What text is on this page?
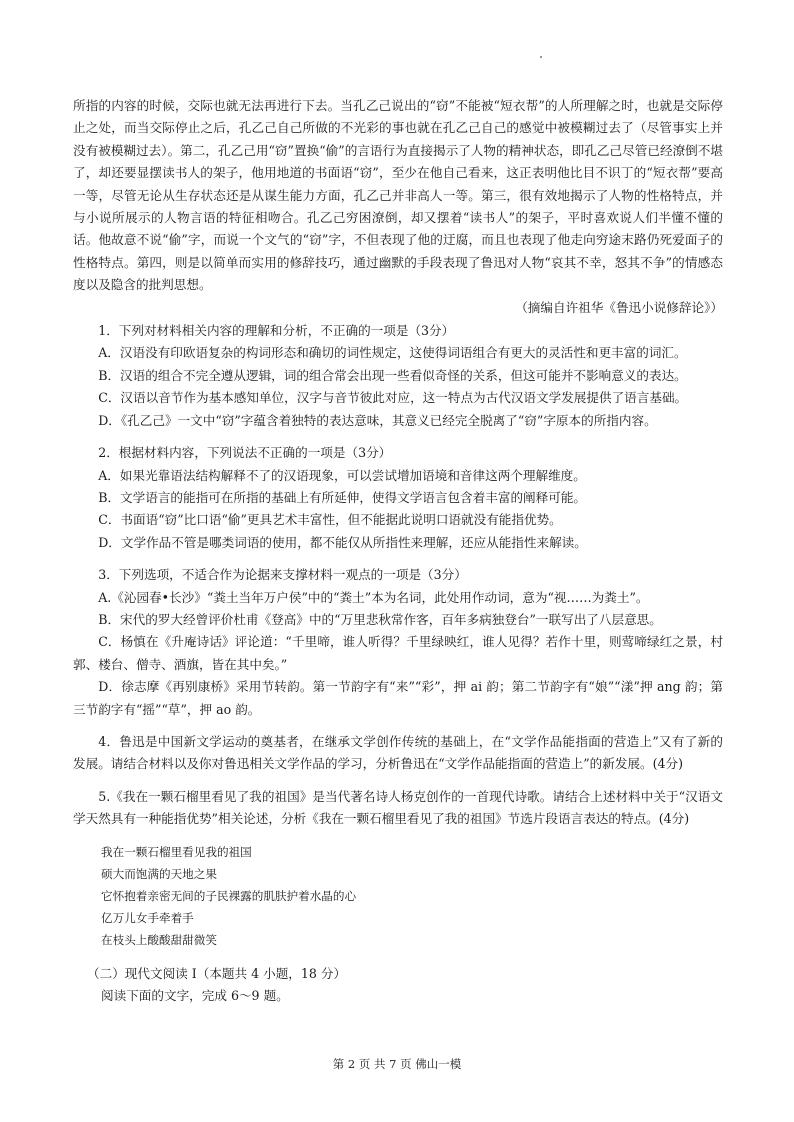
所指的内容的时候，交际也就无法再进行下去。当孔乙己说出的“窃”不能被“短衣帮”的人所理解之时，也就是交际停止之处，而当交际停止之后，孔乙己自己所做的不光彩的事也就在孔乙己自己的感觉中被模糊过去了（尽管事实上并没有被模糊过去）。第二，孔乙己用“窃”置换“偷”的言语行为直接揭示了人物的精神状态，即孔乙己尽管已经潦倒不堪了，却还要显摆读书人的架子，他用地道的书面语“窃”，至少在他自己看来，这正表明他比目不识丁的“短衣帮”要高一等，尽管无论从生存状态还是从谋生能力方面，孔乙己并非高人一等。第三，很有效地揭示了人物的性格特点，并与小说所展示的人物言语的特征相吻合。孔乙己穷困潦倒，却又摆着“读书人”的架子，平时喜欢说人们半懂不懂的话。他故意不说“偷”字，而说一个文气的“窃”字，不但表现了他的迂腐，而且也表现了他走向穷途末路仍死爱面子的性格特点。第四，则是以简单而实用的修辞技巧，通过幽默的手段表现了鲁迅对人物“哀其不幸，怒其不争”的情感态度以及隐含的批判思想。

（摘编自许祖华《鲁迅小说修辞论》）

1．下列对材料相关内容的理解和分析，不正确的一项是（3分）

A．汉语没有印欧语复杂的构词形态和确切的词性规定，这使得词语组合有更大的灵活性和更丰富的词汇。

B．汉语的组合不完全遵从逻辑，词的组合常会出现一些看似奇怪的关系，但这可能并不影响意义的表达。

C．汉语以音节作为基本感知单位，汉字与音节彼此对应，这一特点为古代汉语文学发展提供了语言基础。

D．《孔乙己》一文中“窃”字蕴含着独特的表达意味，其意义已经完全脱离了“窃”字原本的所指内容。

2．根据材料内容，下列说法不正确的一项是（3分）

A．如果光靠语法结构解释不了的汉语现象，可以尝试增加语境和音律这两个理解维度。

B．文学语言的能指可在所指的基础上有所延伸，使得文学语言包含着丰富的阐释可能。

C．书面语“窃”比口语“偷”更具艺术丰富性，但不能据此说明口语就没有能指优势。

D．文学作品不管是哪类词语的使用，都不能仅从所指性来理解，还应从能指性来解读。

3．下列选项，不适合作为论据来支撑材料一观点的一项是（3分）

A.《沁园春•长沙》“粪土当年万户侯”中的“粪土”本为名词，此处用作动词，意为“视……为粪土”。

B．宋代的罗大经曾评价杜甫《登高》中的“万里悲秋常作客，百年多病独登台”一联写出了八层意思。

C．杨慎在《升庵诗话》评论道：“千里啼，谁人听得？千里绿映红，谁人见得？若作十里，则莺啼绿红之景，村郭、楼台、僧寺、酒旗，皆在其中矣。”

D．徐志摩《再别康桥》采用节转韵。第一节韵字有“来”“彩”，押 ai 韵；第二节韵字有“娘”“漾”押 ang 韵；第三节韵字有“摇”“草”，押 ao 韵。

4．鲁迅是中国新文学运动的奠基者，在继承文学创作传统的基础上，在“文学作品能指面的营造上”又有了新的发展。请结合材料以及你对鲁迅相关文学作品的学习，分析鲁迅在“文学作品能指面的营造上”的新发展。(4分)

5.《我在一颗石榴里看见了我的祖国》是当代著名诗人杨克创作的一首现代诗歌。请结合上述材料中关于“汉语文学天然具有一种能指优势”相关论述，分析《我在一颗石榴里看见了我的祖国》节选片段语言表达的特点。(4分)

我在一颗石榴里看见我的祖国
硕大而饱满的天地之果
它怀抱着亲密无间的子民裸露的肌肤护着水晶的心
亿万儿女手牵着手
在枝头上酸酸甜甜微笑

（二）现代文阅读 I（本题共 4 小题，18 分）

阅读下面的文字，完成 6～9 题。

第 2 页 共 7 页 佛山一模
